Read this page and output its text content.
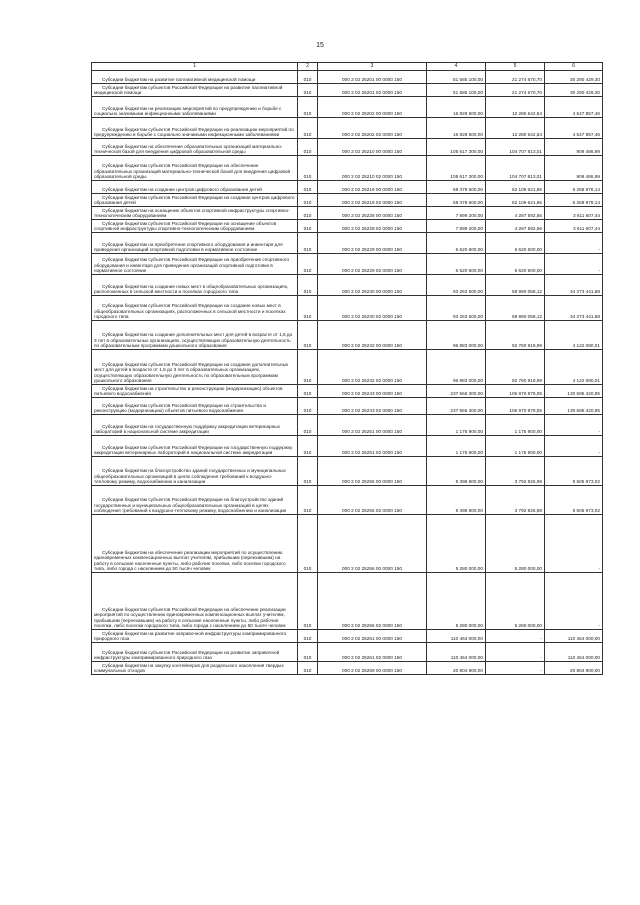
15
1	2	3	4	5	6

Субсидии бюджетам на развитие паллиативной медицинской помощи	010	000 2 02 25201 00 0000 150	51 585 100,00	21 274 670,70	30 290 429,30

Субсидии бюджетам субъектов Российской Федерации на развитие паллиативной медицинской помощи	010	000 2 02 25201 02 0000 150	51 585 100,00	21 274 670,70	30 290 429,30

Субсидии бюджетам на реализацию мероприятий по предупреждению и борьбе с социально значимыми инфекционными заболеваниями	010	000 2 02 25202 00 0000 150	16 828 500,00	12 280 642,54	4 547 857,46

Субсидии бюджетам субъектов Российской Федерации на реализацию мероприятий по предупреждению и борьбе с социально значимыми инфекционными заболеваниями	010	000 2 02 25202 02 0000 150	16 828 500,00	12 280 642,54	4 547 857,46

Субсидии бюджетам на обеспечение образовательных организаций материально-технической базой для внедрения цифровой образовательной среды	010	000 2 02 25210 00 0000 150	105 617 300,00	104 707 813,01	909 486,99

Субсидии бюджетам субъектов Российской Федерации на обеспечение образовательных организаций материально-технической базой для внедрения цифровой образовательной среды	010	000 2 02 25210 02 0000 150	105 617 300,00	104 707 813,01	909 486,99

Субсидии бюджетам на создание центров цифрового образования детей	010	000 2 02 25219 00 0000 150	68 378 600,00	62 109 621,86	6 268 978,14

Субсидии бюджетам субъектов Российской Федерации на создание центров цифрового образования детей	010	000 2 02 25219 02 0000 150	68 378 600,00	62 109 621,86	6 268 978,14

Субсидии бюджетам на оснащение объектов спортивной инфраструктуры спортивно-технологическим оборудованием	010	000 2 02 25228 00 0000 150	7 899 200,00	4 287 592,56	3 611 607,44

Субсидии бюджетам субъектов Российской Федерации на оснащение объектов спортивной инфраструктуры спортивно-технологическим оборудованием	010	000 2 02 25228 02 0000 150	7 899 200,00	4 287 592,56	3 611 607,44

Субсидии бюджетам на приобретение спортивного оборудования и инвентаря для приведения организаций спортивной подготовки в нормативное состояние	010	000 2 02 25229 00 0000 150	6 620 600,00	6 620 600,00	-

Субсидии бюджетам субъектов Российской Федерации на приобретение спортивного оборудования и инвентаря для приведения организаций спортивной подготовки в нормативное состояние	010	000 2 02 25229 02 0000 150	6 620 600,00	6 620 600,00	-

Субсидии бюджетам на создание новых мест в общеобразовательных организациях, расположенных в сельской местности и поселках городского типа	010	000 2 02 25230 00 0000 150	93 263 500,00	58 990 058,12	34 273 441,88

Субсидии бюджетам субъектов Российской Федерации на создание новых мест в общеобразовательных организациях, расположенных в сельской местности и поселках городского типа	010	000 2 02 25230 02 0000 150	93 263 500,00	58 990 058,12	34 273 441,88

Субсидии бюджетам на создание дополнительных мест для детей в возрасте от 1,5 до 3 лет в образовательных организациях, осуществляющих образовательную деятельность по образовательным программам дошкольного образования	010	000 2 02 25232 00 0000 150	96 883 000,00	92 760 919,99	4 122 080,01

Субсидии бюджетам субъектов Российской Федерации на создание дополнительных мест для детей в возрасте от 1,5 до 3 лет в образовательных организациях, осуществляющих образовательную деятельность по образовательным программам дошкольного образования	010	000 2 02 25232 02 0000 150	96 883 000,00	92 760 919,99	4 122 080,01

Субсидии бюджетам на строительство и реконструкцию (модернизацию) объектов питьевого водоснабжения	010	000 2 02 25243 00 0000 150	237 666 300,00	106 970 879,05	130 695 420,95

Субсидии бюджетам субъектов Российской Федерации на строительство и реконструкцию (модернизацию) объектов питьевого водоснабжения	010	000 2 02 25243 02 0000 150	237 666 300,00	106 970 879,05	130 695 420,95

Субсидии бюджетам на государственную поддержку аккредитации ветеринарных лабораторий в национальной системе аккредитации	010	000 2 02 25251 00 0000 150	1 175 900,00	1 175 900,00	-

Субсидии бюджетам субъектов Российской Федерации на государственную поддержку аккредитации ветеринарных лабораторий в национальной системе аккредитации	010	000 2 02 25251 02 0000 150	1 175 900,00	1 175 900,00	-

Субсидии бюджетам на благоустройство зданий государственных и муниципальных общеобразовательных организаций в целях соблюдения требований к воздушно-тепловому режиму, водоснабжению и канализации	010	000 2 02 25255 00 0000 150	9 398 800,00	3 792 826,98	5 605 973,02

Субсидии бюджетам субъектов Российской Федерации на благоустройство зданий государственных и муниципальных общеобразовательных организаций в целях соблюдения требований к воздушно-тепловому режиму, водоснабжению и канализации	010	000 2 02 25255 02 0000 150	9 398 800,00	3 792 826,98	5 605 973,02

Субсидии бюджетам на обеспечение реализации мероприятий по осуществлению единовременных компенсационных выплат учителям, прибывшим (переехавшим) на работу в сельские населенные пункты, либо рабочие поселки, либо поселки городского типа, либо города с населением до 50 тысяч человек	010	000 2 02 25256 00 0000 150	5 280 000,00	5 280 000,00	-

Субсидии бюджетам субъектов Российской Федерации на обеспечение реализации мероприятий по осуществлению единовременных компенсационных выплат учителям, прибывшим (переехавшим) на работу в сельские населенные пункты, либо рабочие поселки, либо поселки городского типа, либо города с населением до 50 тысяч человек	010	000 2 02 25256 02 0000 150	5 280 000,00	5 280 000,00	-

Субсидии бюджетам на развитие заправочной инфраструктуры компримированного природного газа	010	000 2 02 25261 00 0000 150	110 464 000,00	-	110 464 000,00

Субсидии бюджетам субъектов Российской Федерации на развитие заправочной инфраструктуры компримированного природного газа	010	000 2 02 25261 02 0000 150	110 464 000,00	-	110 464 000,00

Субсидии бюджетам на закупку контейнеров для раздельного накопления твердых коммунальных отходов	010	000 2 02 25269 00 0000 150	20 804 900,00	-	20 804 900,00
